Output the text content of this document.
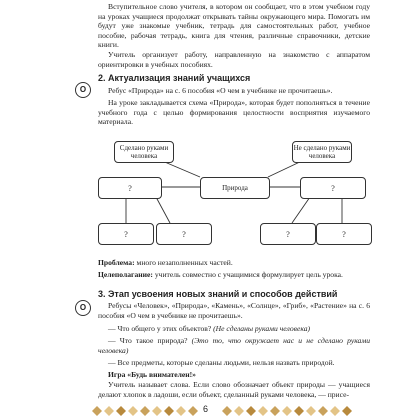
Вступительное слово учителя, в котором он сообщает, что в этом учебном году на уроках учащиеся продолжат открывать тайны окружающего мира. Помогать им будут уже знакомые учебник, тетрадь для самостоятельных работ, учебное пособие, рабочая тетрадь, книга для чтения, различные справочники, детские книги.

Учитель организует работу, направленную на знакомство с аппаратом ориентировки в учебных пособиях.

О

2. Актуализация знаний учащихся

Ребус «Природа» на с. 6 пособия «О чем в учебнике не прочитаешь».

На уроке закладывается схема «Природа», которая будет пополняться в течение учебного года с целью формирования целостности восприятия изучаемого материала.

Сделано руками человека
Не сделано руками человека
?	Природа	?
?	?	?	?

Проблема: много незаполненных частей.

Целеполагание: учитель совместно с учащимися формулирует цель урока.

О

3. Этап усвоения новых знаний и способов действий

Ребусы «Человек», «Природа», «Камень», «Солнце», «Гриб», «Растение» на с. 6 пособия «О чем в учебнике не прочитаешь».

— Что общего у этих объектов? (Не сделаны руками человека)

— Что такое природа? (Это то, что окружает нас и не сделано руками человека)

— Все предметы, которые сделаны людьми, нельзя назвать природой.

Игра «Будь внимателен!»

Учитель называет слова. Если слово обозначает объект природы — учащиеся делают хлопок в ладоши, если объект, сделанный руками человека, — присе-

6
